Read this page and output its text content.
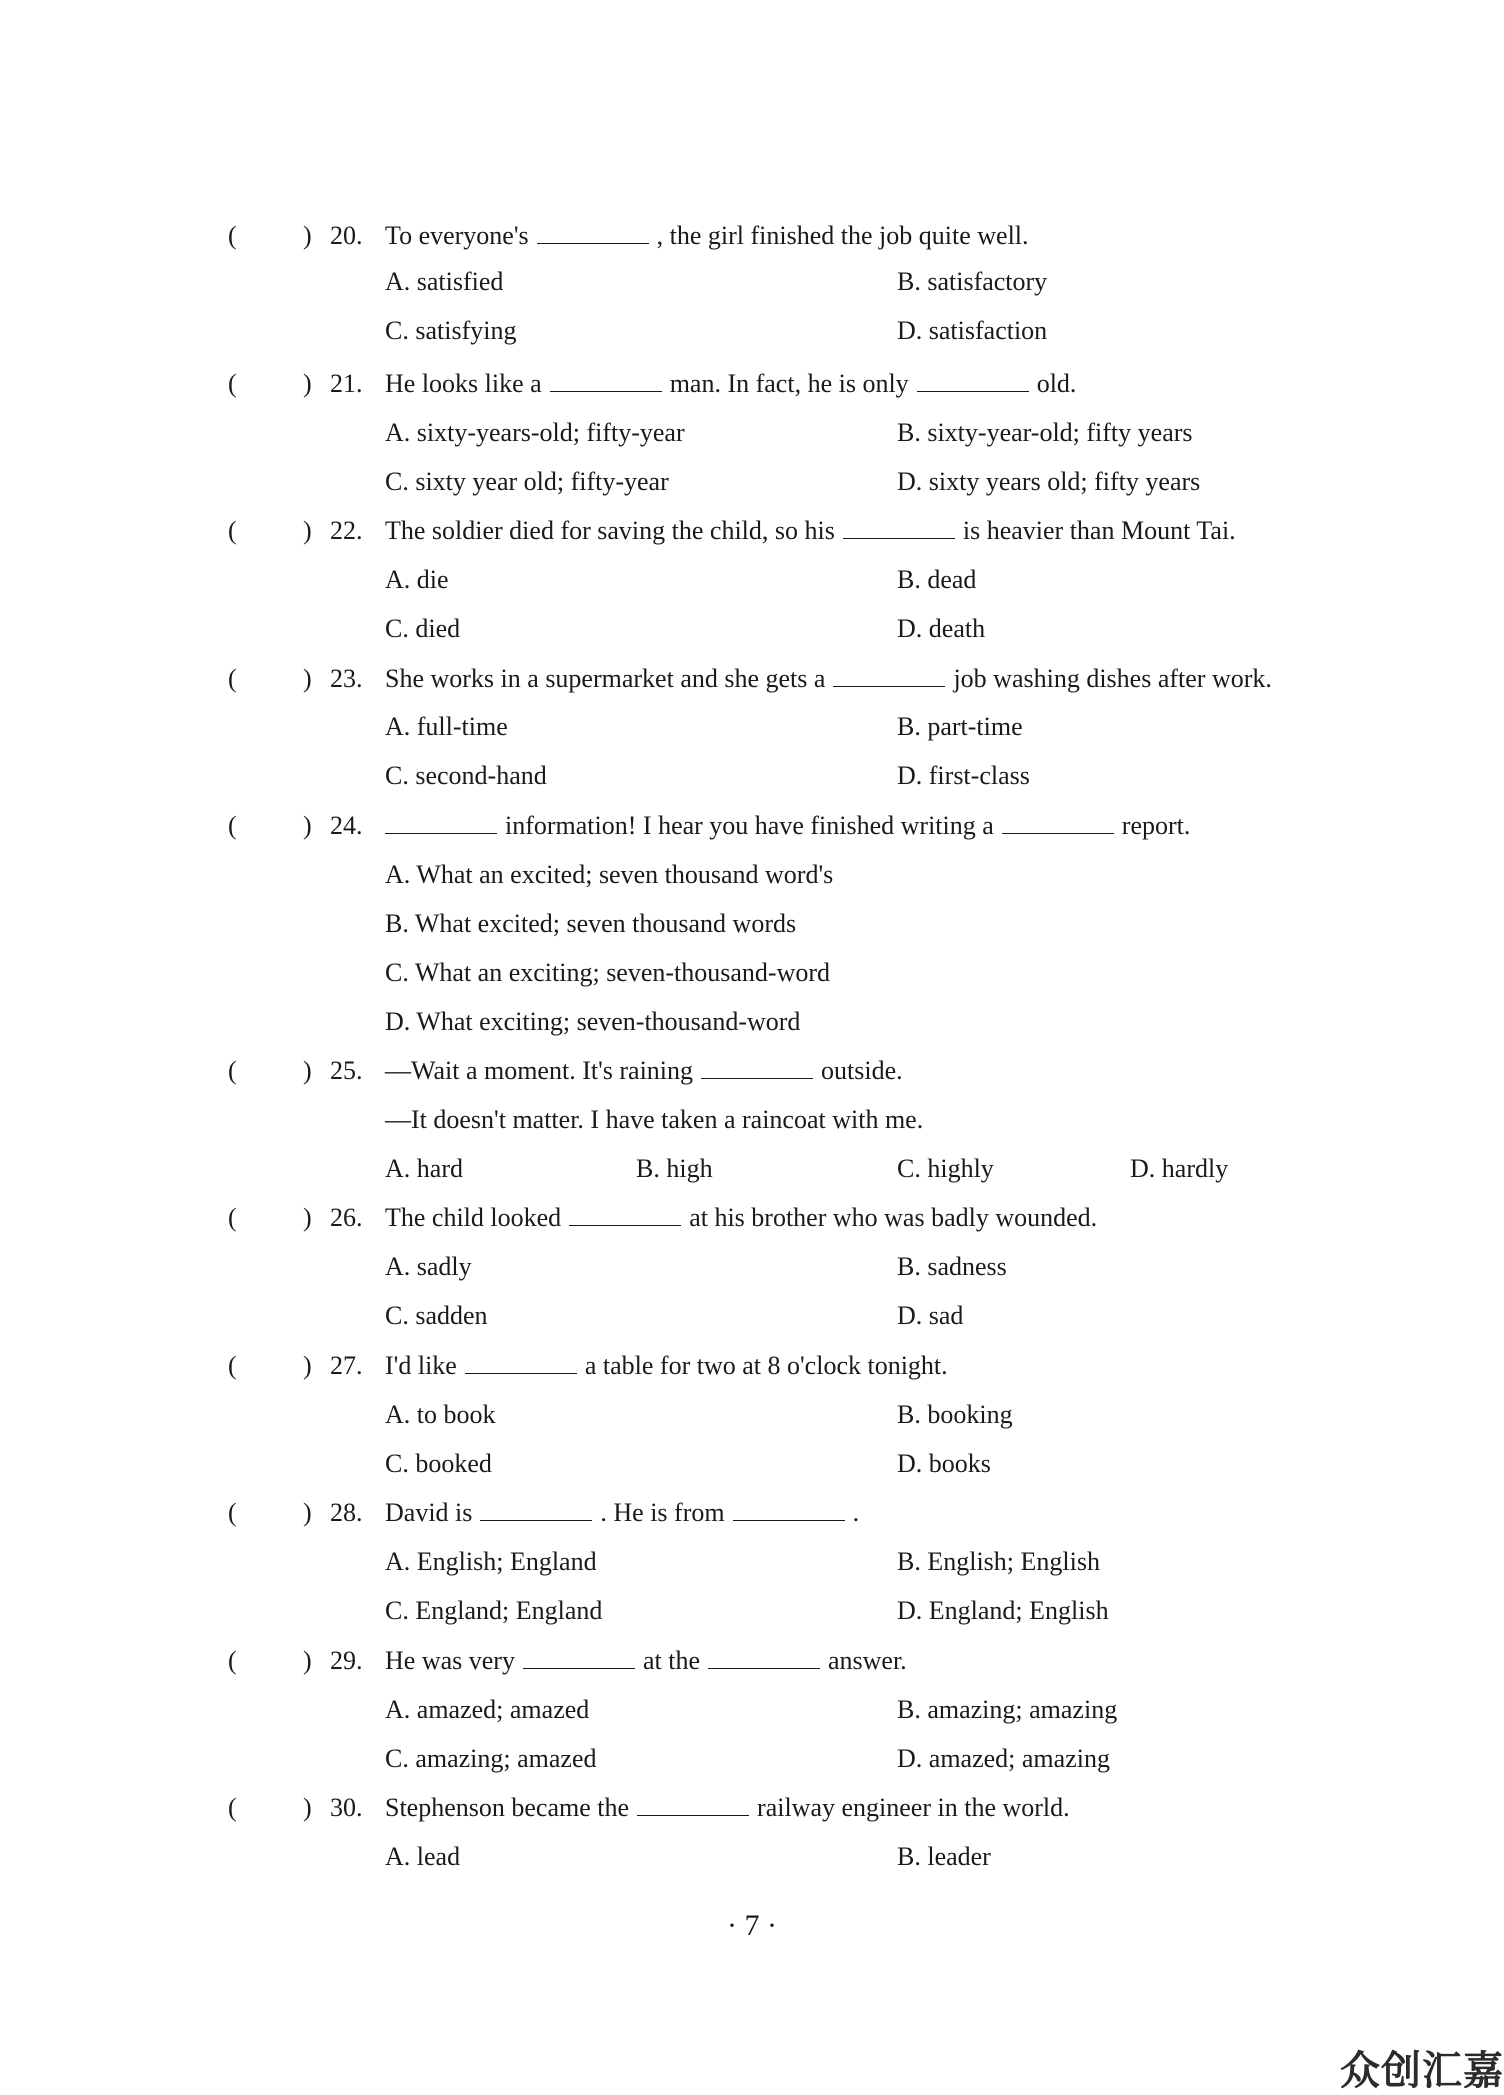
(	) 20. To everyone's	, the girl finished the job quite well.
A. satisfied	B. satisfactory
C. satisfying	D. satisfaction
(	) 21. He looks like a	man. In fact, he is only	old.
A. sixty-years-old; fifty-year	B. sixty-year-old; fifty years
C. sixty year old; fifty-year	D. sixty years old; fifty years
(	) 22. The soldier died for saving the child, so his	is heavier than Mount Tai.
A. die	B. dead
C. died	D. death
(	) 23. She works in a supermarket and she gets a	job washing dishes after work.
A. full-time	B. part-time
C. second-hand	D. first-class
(	) 24.	information! I hear you have finished writing a	report.
A. What an excited; seven thousand word's
B. What excited; seven thousand words
C. What an exciting; seven-thousand-word
D. What exciting; seven-thousand-word
(	) 25. —Wait a moment. It's raining	outside.
—It doesn't matter. I have taken a raincoat with me.
A. hard	B. high	C. highly	D. hardly
(	) 26. The child looked	at his brother who was badly wounded.
A. sadly	B. sadness
C. sadden	D. sad
(	) 27. I'd like	a table for two at 8 o'clock tonight.
A. to book	B. booking
C. booked	D. books
(	) 28. David is	. He is from	.
A. English; England	B. English; English
C. England; England	D. England; English
(	) 29. He was very	at the	answer.
A. amazed; amazed	B. amazing; amazing
C. amazing; amazed	D. amazed; amazing
(	) 30. Stephenson became the	railway engineer in the world.
A. lead	B. leader
· 7 ·
众创汇嘉
